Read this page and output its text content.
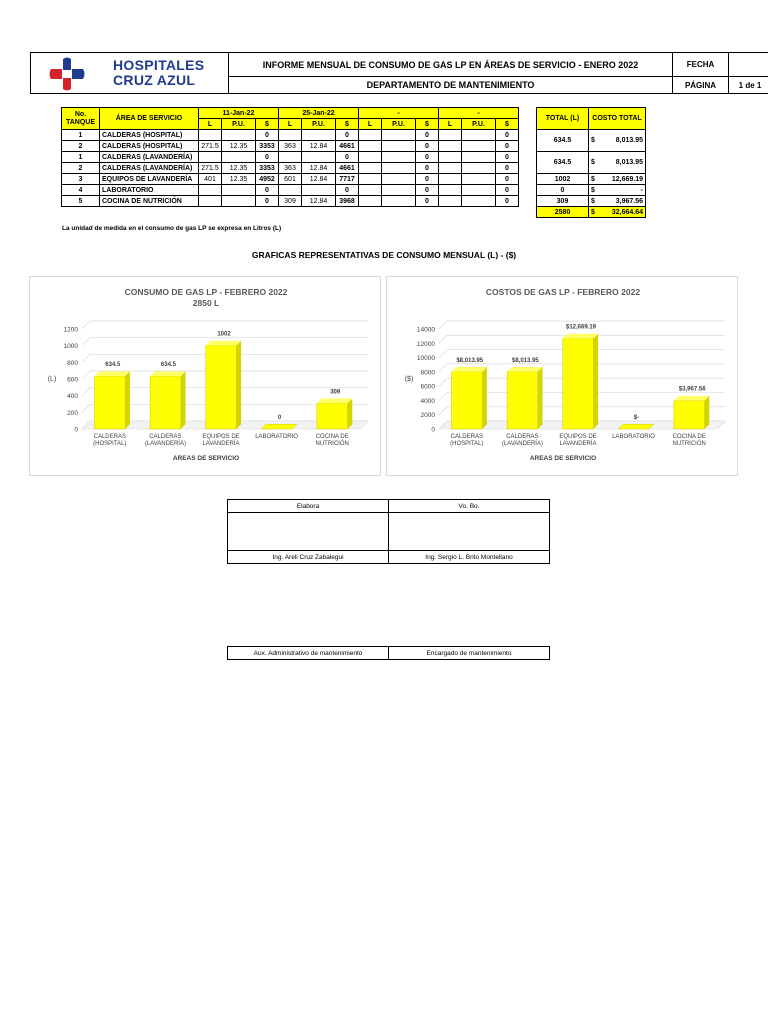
HOSPITALES
CRUZ AZUL
INFORME MENSUAL DE CONSUMO DE GAS LP EN ÁREAS DE SERVICIO - ENERO 2022
DEPARTAMENTO DE MANTENIMIENTO
FECHA
PÁGINA	1 de 1
No. TANQUE	ÁREA DE SERVICIO	11-Jan-22			25-Jan-22			-			-				TOTAL (L)	COSTO TOTAL
		L	P.U.	$	L	P.U.	$	L	P.U.	$	L	P.U.	$			
1	CALDERAS (HOSPITAL)			0			0			0			0		634.5	$ 8,013.95

2	CALDERAS (HOSPITAL)	271.5	12.35	3353	363	12.84	4661			0			0			
1	CALDERAS (LAVANDERÍA)			0			0			0			0		634.5	$ 8,013.95

2	CALDERAS (LAVANDERÍA)	271.5	12.35	3353	363	12.84	4661			0			0			
3	EQUIPOS DE LAVANDERÍA	401	12.35	4952	601	12.84	7717			0			0		1002	$ 12,669.19

4	LABORATORIO			0			0			0			0		0	$ -

5	COCINA DE NUTRICIÓN			0	309	12.84	3968			0			0		309	$ 3,967.56

															2580	$ 32,664.64
La unidad de medida en el consumo de gas LP se expresa en Litros (L)
GRAFICAS REPRESENTATIVAS DE CONSUMO MENSUAL (L) - ($)
CONSUMO DE GAS LP - FEBRERO 2022
2850 L
0
200
400
600
800
1000
1200
(L)
634.5
CALDERAS
(HOSPITAL)
634.5
CALDERAS
(LAVANDERÍA)
1002
EQUIPOS DE
LAVANDERÍA
0
LABORATORIO
309
COCINA DE
NUTRICIÓN
AREAS DE SERVICIO
COSTOS DE GAS LP - FEBRERO 2022
0
2000
4000
6000
8000
10000
12000
14000
($)
$8,013.95
CALDERAS
(HOSPITAL)
$8,013.95
CALDERAS
(LAVANDERÍA)
$12,669.19
EQUIPOS DE
LAVANDERÍA
$-
LABORATORIO
$3,967.56
COCINA DE
NUTRICIÓN
AREAS DE SERVICIO
Elabora	Vo. Bo.

Ing. Areli Cruz Zabalegui	Ing. Sergio L. Brito Montellano
Aux. Administrativo de mantenimiento	Encargado de mantenimiento
